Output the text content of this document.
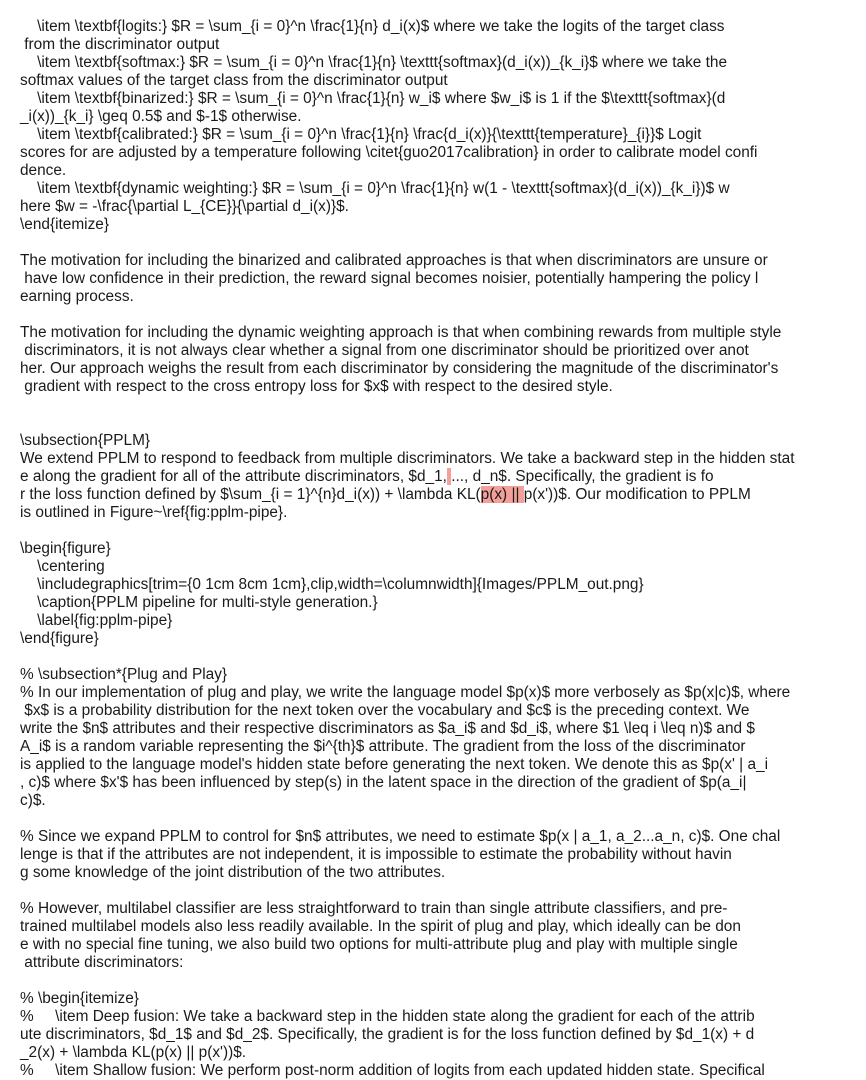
\item \textbf{logits:} $R = \sum_{i = 0}^n \frac{1}{n} d_i(x)$ where we take the logits of the target class
from the discriminator output
\item \textbf{softmax:} $R = \sum_{i = 0}^n \frac{1}{n} \texttt{softmax}(d_i(x))_{k_i}$ where we take the
softmax values of the target class from the discriminator output
\item \textbf{binarized:} $R = \sum_{i = 0}^n \frac{1}{n} w_i$ where $w_i$ is 1 if the $\texttt{softmax}(d
_i(x))_{k_i} \geq 0.5$ and $-1$ otherwise.
\item \textbf{calibrated:} $R = \sum_{i = 0}^n \frac{1}{n} \frac{d_i(x)}{\texttt{temperature}_{i}}$ Logit
scores for are adjusted by a temperature following \citet{guo2017calibration} in order to calibrate model confi
dence.
\item \textbf{dynamic weighting:} $R = \sum_{i = 0}^n \frac{1}{n} w(1 - \texttt{softmax}(d_i(x))_{k_i})$ w
here $w = -\frac{\partial L_{CE}}{\partial d_i(x)}$.
\end{itemize}
The motivation for including the binarized and calibrated approaches is that when discriminators are unsure or
have low confidence in their prediction, the reward signal becomes noisier, potentially hampering the policy l
earning process.
The motivation for including the dynamic weighting approach is that when combining rewards from multiple style
discriminators, it is not always clear whether a signal from one discriminator should be prioritized over anot
her. Our approach weighs the result from each discriminator by considering the magnitude of the discriminator's
gradient with respect to the cross entropy loss for $x$ with respect to the desired style.
\subsection{PPLM}
We extend PPLM to respond to feedback from multiple discriminators. We take a backward step in the hidden stat
e along the gradient for all of the attribute discriminators, $d_1, ..., d_n$. Specifically, the gradient is fo
r the loss function defined by $\sum_{i = 1}^{n}d_i(x)) + \lambda KL(p(x) || p(x'))$. Our modification to PPLM
is outlined in Figure~\ref{fig:pplm-pipe}.
\begin{figure}
\centering
\includegraphics[trim={0 1cm 8cm 1cm},clip,width=\columnwidth]{Images/PPLM_out.png}
\caption{PPLM pipeline for multi-style generation.}
\label{fig:pplm-pipe}
\end{figure}
% \subsection*{Plug and Play}
% In our implementation of plug and play, we write the language model $p(x)$ more verbosely as $p(x|c)$, where
$x$ is a probability distribution for the next token over the vocabulary and $c$ is the preceding context. We
write the $n$ attributes and their respective discriminators as $a_i$ and $d_i$, where $1 \leq i \leq n)$ and $
A_i$ is a random variable representing the $i^{th}$ attribute. The gradient from the loss of the discriminator
is applied to the language model's hidden state before generating the next token. We denote this as $p(x' | a_i
, c)$ where $x'$ has been influenced by step(s) in the latent space in the direction of the gradient of $p(a_i|
c)$.
% Since we expand PPLM to control for $n$ attributes, we need to estimate $p(x | a_1, a_2...a_n, c)$. One chal
lenge is that if the attributes are not independent, it is impossible to estimate the probability without havin
g some knowledge of the joint distribution of the two attributes.
% However, multilabel classifier are less straightforward to train than single attribute classifiers, and pre-
trained multilabel models also less readily available. In the spirit of plug and play, which ideally can be don
e with no special fine tuning, we also build two options for multi-attribute plug and play with multiple single
attribute discriminators:
% \begin{itemize}
%     \item Deep fusion: We take a backward step in the hidden state along the gradient for each of the attrib
ute discriminators, $d_1$ and $d_2$. Specifically, the gradient is for the loss function defined by $d_1(x) + d
_2(x) + \lambda KL(p(x) || p(x'))$.
%     \item Shallow fusion: We perform post-norm addition of logits from each updated hidden state. Specifical
